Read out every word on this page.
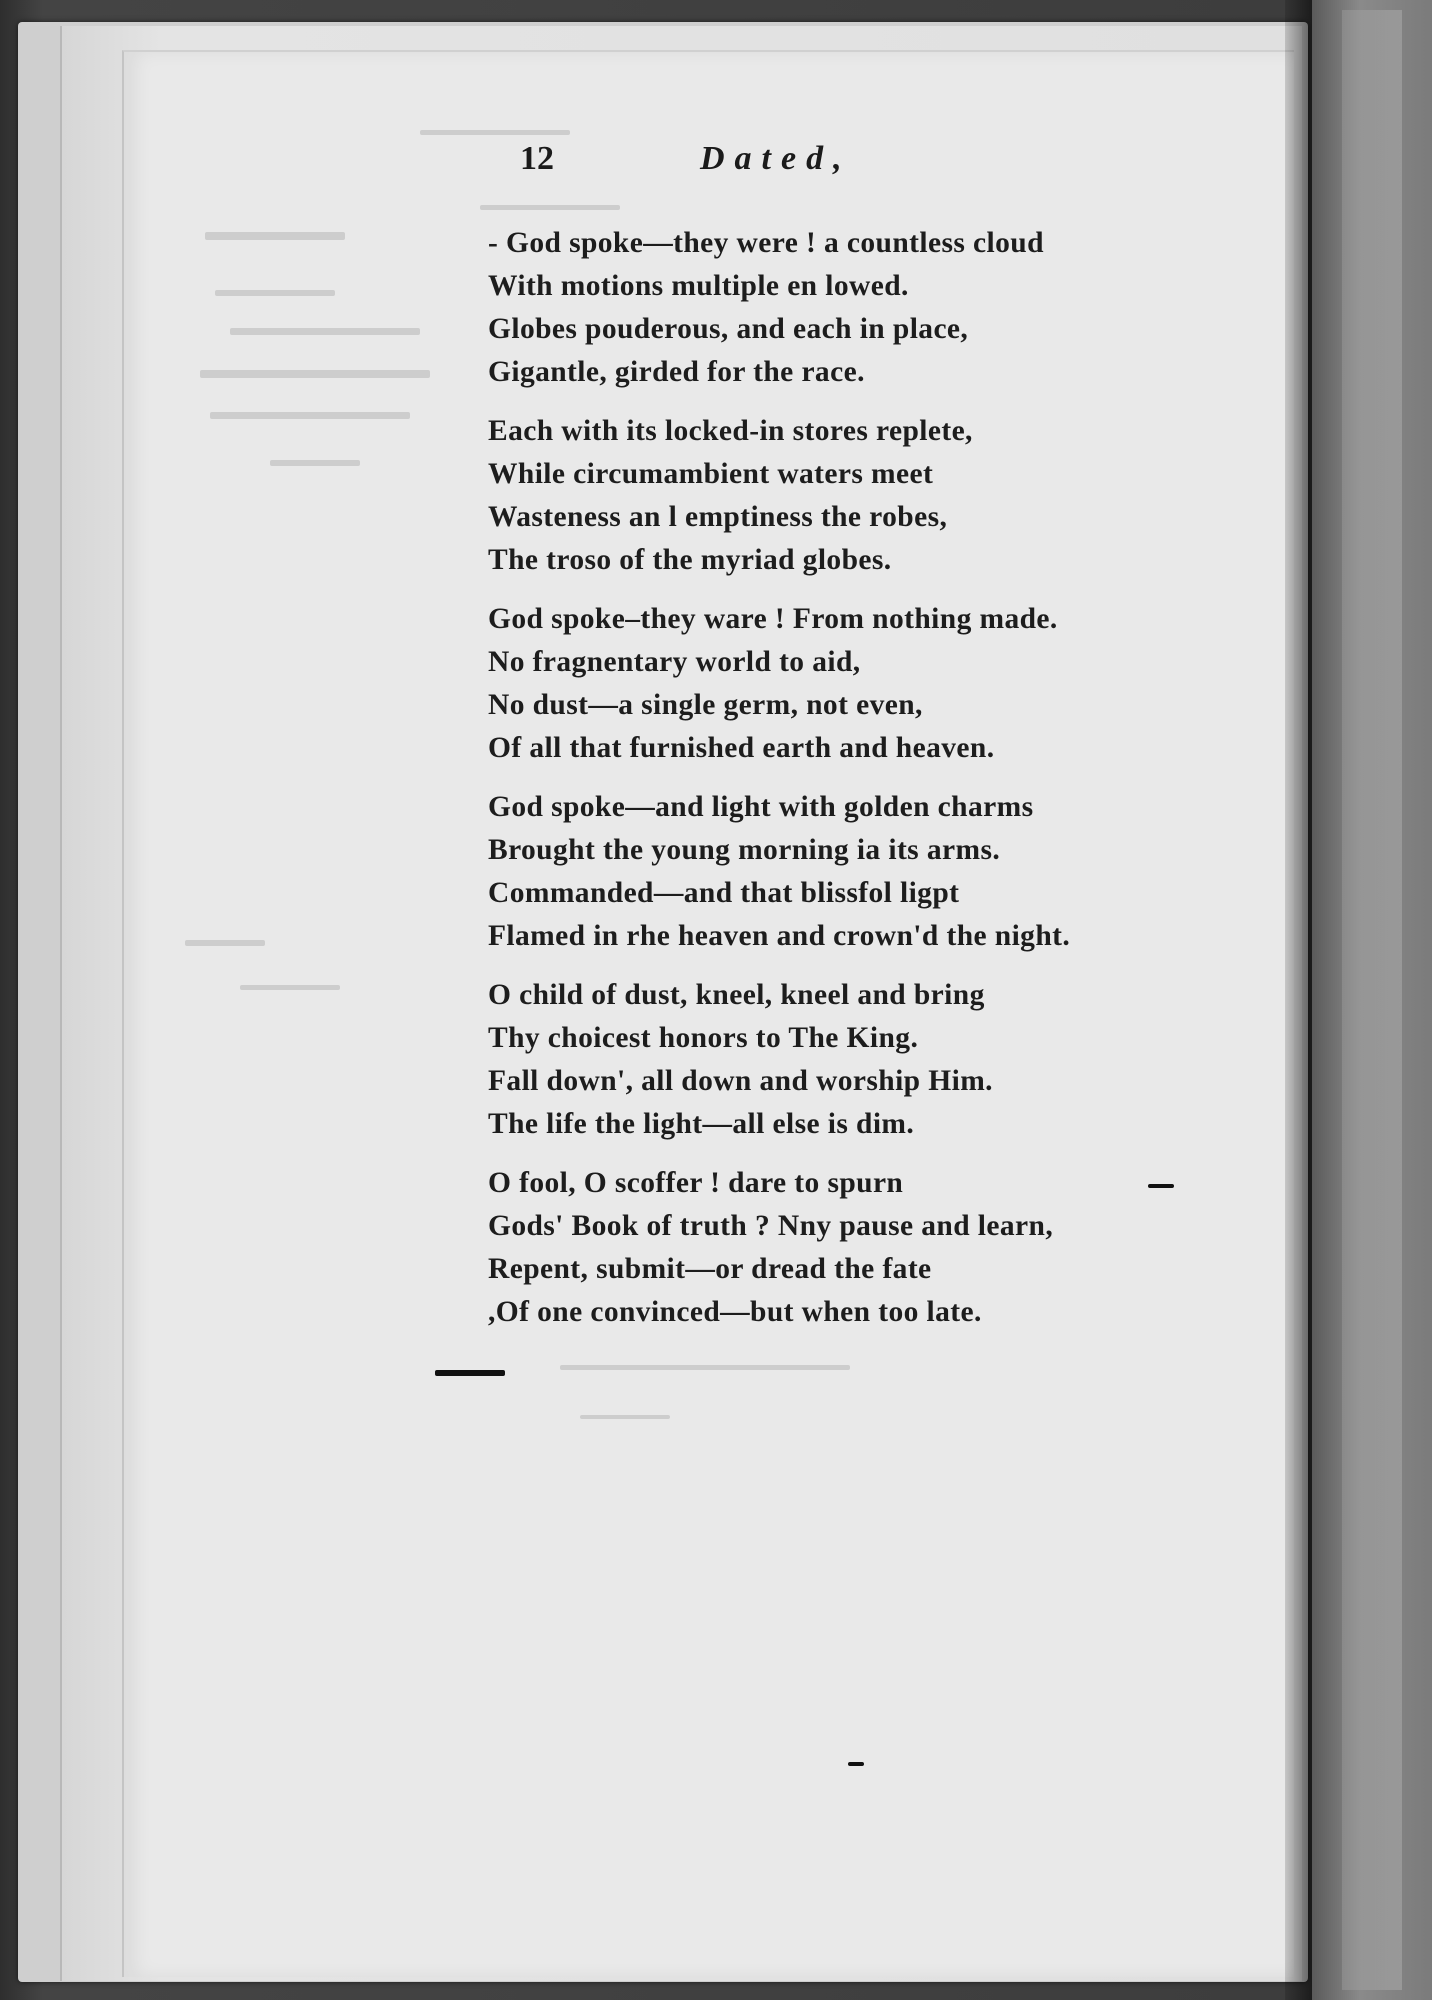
12	Dated,
- God spoke—they were ! a countless cloud
With motions multiple en lowed.
Globes pouderous, and each in place,
Gigantle, girded for the race.
Each with its locked-in stores replete,
While circumambient waters meet
Wasteness an l emptiness the robes,
The troso of the myriad globes.
God spoke–they ware ! From nothing made.
No fragnentary world to aid,
No dust—a single germ, not even,
Of all that furnished earth and heaven.
God spoke—and light with golden charms
Brought the young morning ia its arms.
Commanded—and that blissfol ligpt
Flamed in rhe heaven and crown'd the night.
O child of dust, kneel, kneel and bring
Thy choicest honors to The King.
Fall down', all down and worship Him.
The life the light—all else is dim.
O fool, O scoffer ! dare to spurn
Gods' Book of truth ? Nny pause and learn,
Repent, submit—or dread the fate
,Of one convinced—but when too late.
